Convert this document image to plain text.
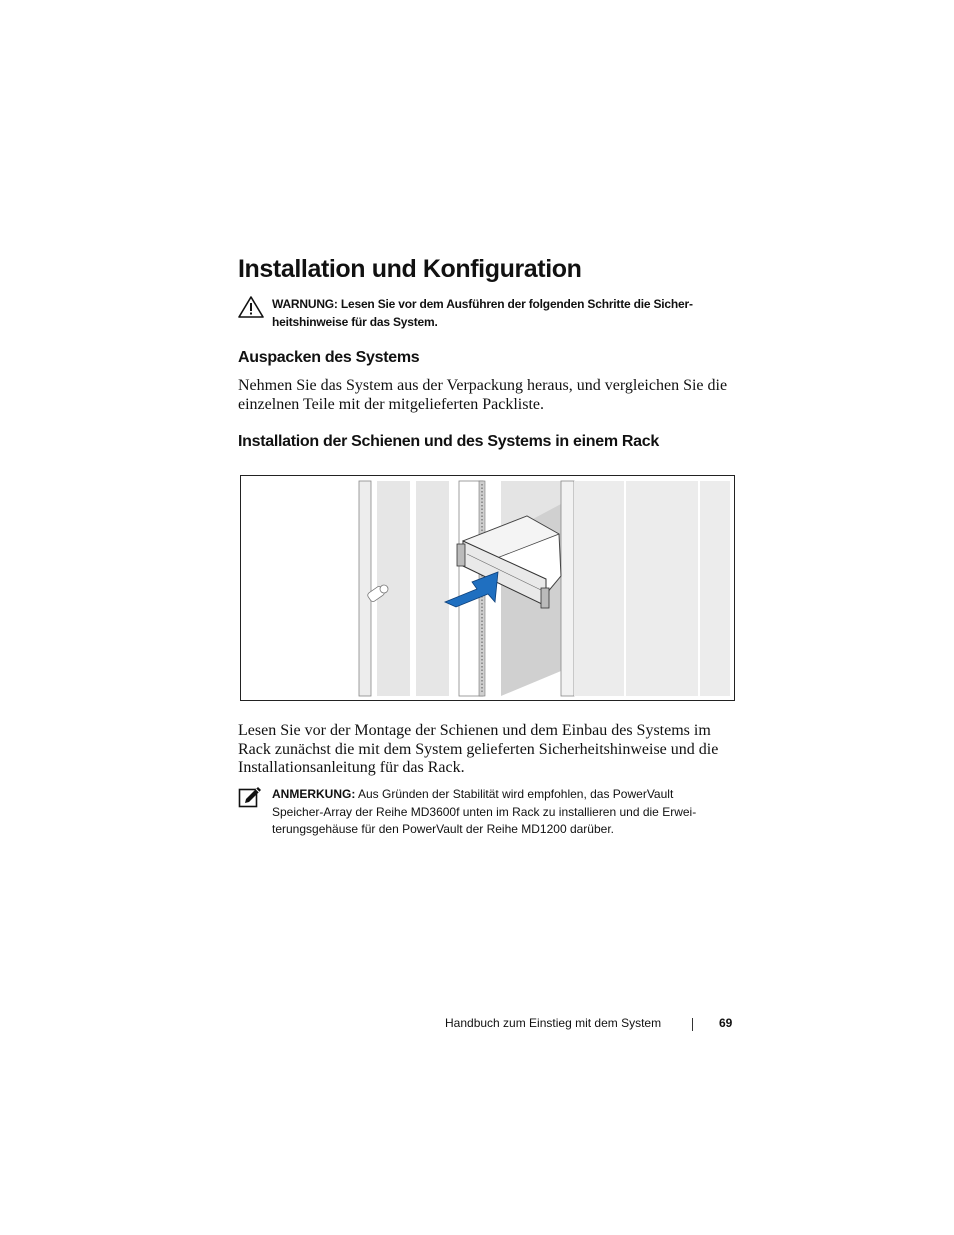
Installation und Konfiguration
WARNUNG: Lesen Sie vor dem Ausführen der folgenden Schritte die Sicher-
heitshinweise für das System.
Auspacken des Systems
Nehmen Sie das System aus der Verpackung heraus, und vergleichen Sie die
einzelnen Teile mit der mitgelieferten Packliste.
Installation der Schienen und des Systems in einem Rack
Lesen Sie vor der Montage der Schienen und dem Einbau des Systems im
Rack zunächst die mit dem System gelieferten Sicherheitshinweise und die
Installationsanleitung für das Rack.
ANMERKUNG: Aus Gründen der Stabilität wird empfohlen, das PowerVault
Speicher-Array der Reihe MD3600f unten im Rack zu installieren und die Erwei-
terungsgehäuse für den PowerVault der Reihe MD1200 darüber.
Handbuch zum Einstieg mit dem System	69
